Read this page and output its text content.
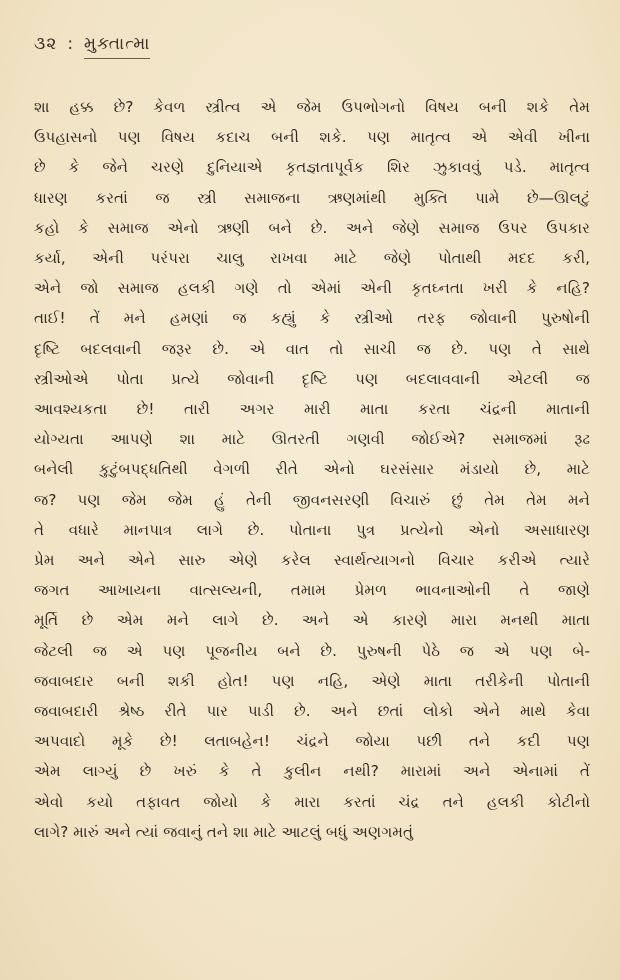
૩૨ : મુક્તાત્મા
શા હક્ક છે? કેવળ સ્ત્રીત્વ એ જેમ ઉપભોગનો વિષય બની શકે તેમ
ઉપહાસનો પણ વિષય કદાચ બની શકે. પણ માતૃત્વ એ એવી ખીના
છે કે જેને ચરણે દુનિયાએ કૃતજ્ઞતાપૂર્વક શિર ઝુકાવવું પડે. માતૃત્વ
ધારણ કરતાં જ સ્ત્રી સમાજના ઋણમાંથી મુક્તિ પામે છે—ઊલટું
કહો કે સમાજ એનો ઋણી બને છે. અને જેણે સમાજ ઉપર ઉપકાર
કર્યા, એની પરંપરા ચાલુ રાખવા માટે જેણે પોતાથી મદદ કરી,
એને જો સમાજ હલકી ગણે તો એમાં એની કૃતઘ્નતા ખરી કે નહિ?
તાઈ! તેં મને હમણાં જ કહ્યું કે સ્ત્રીઓ તરફ જોવાની પુરુષોની
દૃષ્ટિ બદલવાની જરૂર છે. એ વાત તો સાચી જ છે. પણ તે સાથે
સ્ત્રીઓએ પોતા પ્રત્યે જોવાની દૃષ્ટિ પણ બદલાવવાની એટલી જ
આવશ્યકતા છે! તારી અગર મારી માતા કરતા ચંદ્રની માતાની
યોગ્યતા આપણે શા માટે ઊતરતી ગણવી જોઈએ? સમાજમાં રૂઢ
બનેલી કુટુંબપદ્ધતિથી વેગળી રીતે એનો ઘરસંસાર મંડાયો છે, માટે
જ? પણ જેમ જેમ હું તેની જીવનસરણી વિચારું છું તેમ તેમ મને
તે વધારે માનપાત્ર લાગે છે. પોતાના પુત્ર પ્રત્યેનો એનો અસાધારણ
પ્રેમ અને એને સારુ એણે કરેલ સ્વાર્થત્યાગનો વિચાર કરીએ ત્યારે
જગત આખાયના વાત્સલ્યની, તમામ પ્રેમળ ભાવનાઓની તે જાણે
મૂર્તિ છે એમ મને લાગે છે. અને એ કારણે મારા મનથી માતા
જેટલી જ એ પણ પૂજનીય બને છે. પુરુષની પેઠે જ એ પણ બે-
જવાબદાર બની શકી હોત! પણ નહિ, એણે માતા તરીકેની પોતાની
જવાબદારી શ્રેષ્ઠ રીતે પાર પાડી છે. અને છતાં લોકો એને માથે કેવા
અપવાદો મૂકે છે! લતાબહેન! ચંદ્રને જોયા પછી તને કદી પણ
એમ લાગ્યું છે ખરું કે તે કુલીન નથી? મારામાં અને એનામાં તેં
એવો કયો તફાવત જોયો કે મારા કરતાં ચંદ્ર તને હલકી કોટીનો
લાગે? મારું અને ત્યાં જવાનું તને શા માટે આટલું બધું અણગમતું
